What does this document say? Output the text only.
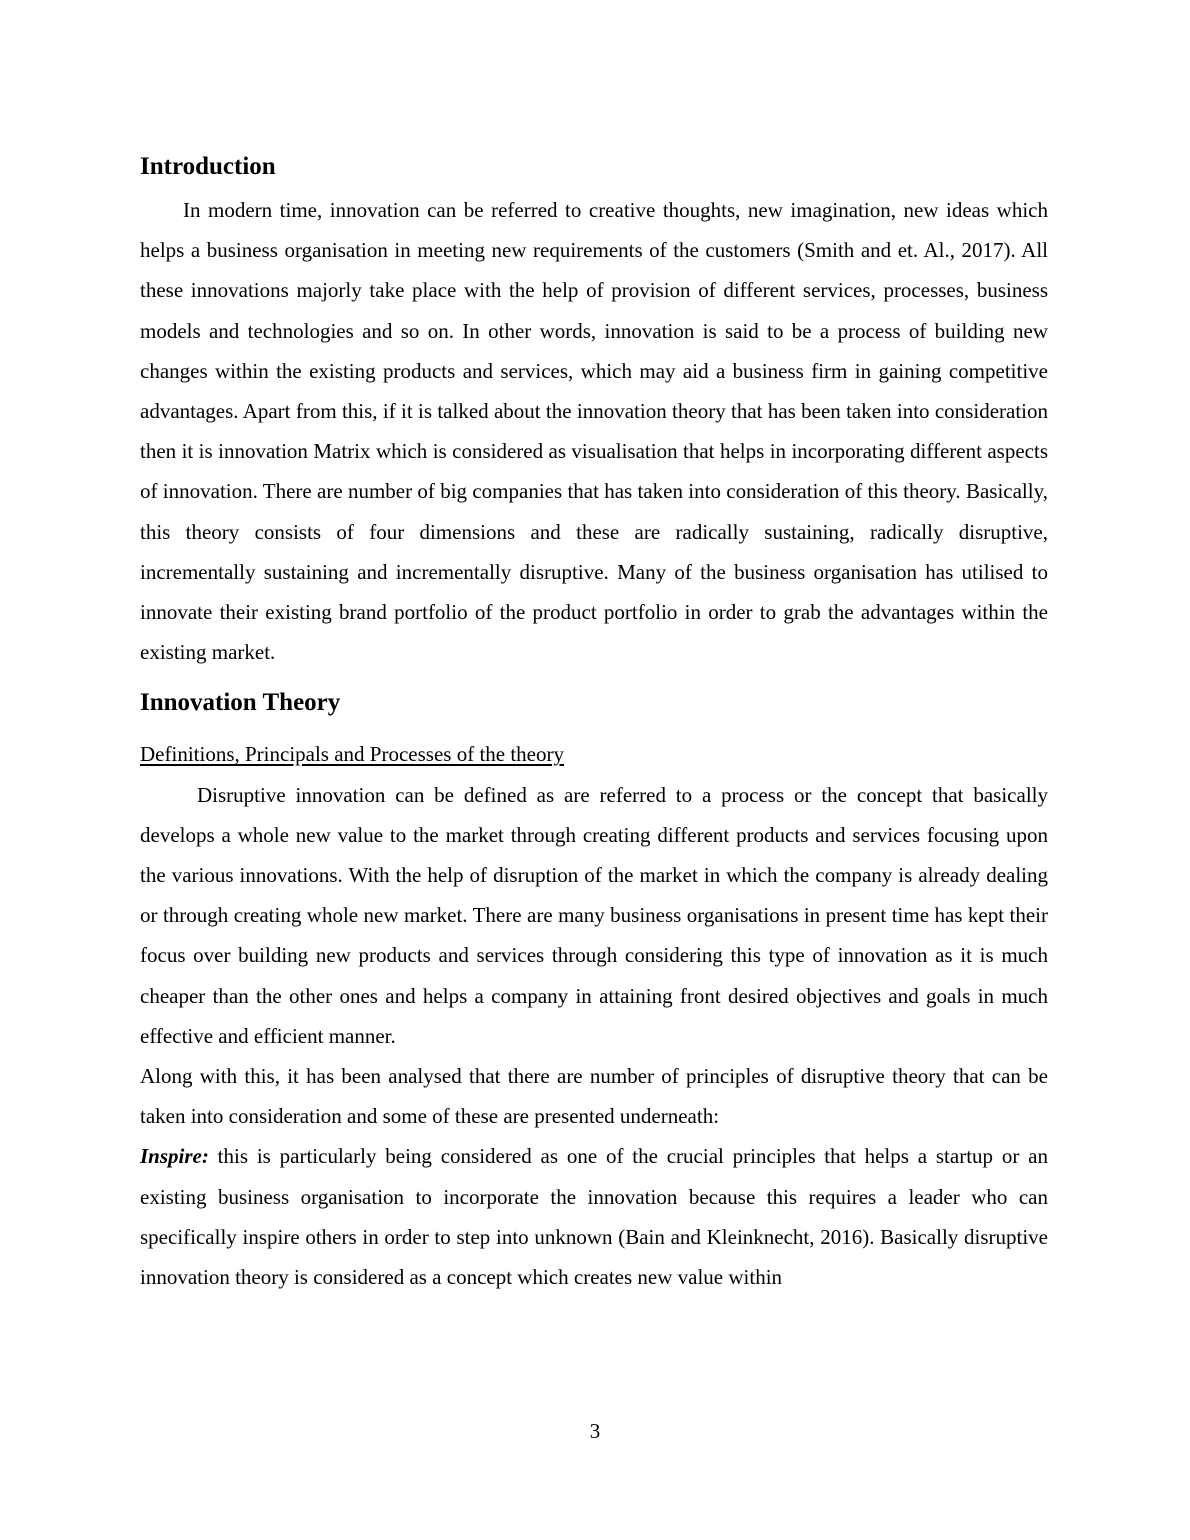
Introduction

In modern time, innovation can be referred to creative thoughts, new imagination, new ideas which helps a business organisation in meeting new requirements of the customers (Smith and et. Al., 2017). All these innovations majorly take place with the help of provision of different services, processes, business models and technologies and so on. In other words, innovation is said to be a process of building new changes within the existing products and services, which may aid a business firm in gaining competitive advantages. Apart from this, if it is talked about the innovation theory that has been taken into consideration then it is innovation Matrix which is considered as visualisation that helps in incorporating different aspects of innovation. There are number of big companies that has taken into consideration of this theory. Basically, this theory consists of four dimensions and these are radically sustaining, radically disruptive, incrementally sustaining and incrementally disruptive. Many of the business organisation has utilised to innovate their existing brand portfolio of the product portfolio in order to grab the advantages within the existing market.

Innovation Theory
Definitions, Principals and Processes of the theory

Disruptive innovation can be defined as are referred to a process or the concept that basically develops a whole new value to the market through creating different products and services focusing upon the various innovations. With the help of disruption of the market in which the company is already dealing or through creating whole new market. There are many business organisations in present time has kept their focus over building new products and services through considering this type of innovation as it is much cheaper than the other ones and helps a company in attaining front desired objectives and goals in much effective and efficient manner.

Along with this, it has been analysed that there are number of principles of disruptive theory that can be taken into consideration and some of these are presented underneath:

Inspire: this is particularly being considered as one of the crucial principles that helps a startup or an existing business organisation to incorporate the innovation because this requires a leader who can specifically inspire others in order to step into unknown (Bain and Kleinknecht, 2016). Basically disruptive innovation theory is considered as a concept which creates new value within

3
